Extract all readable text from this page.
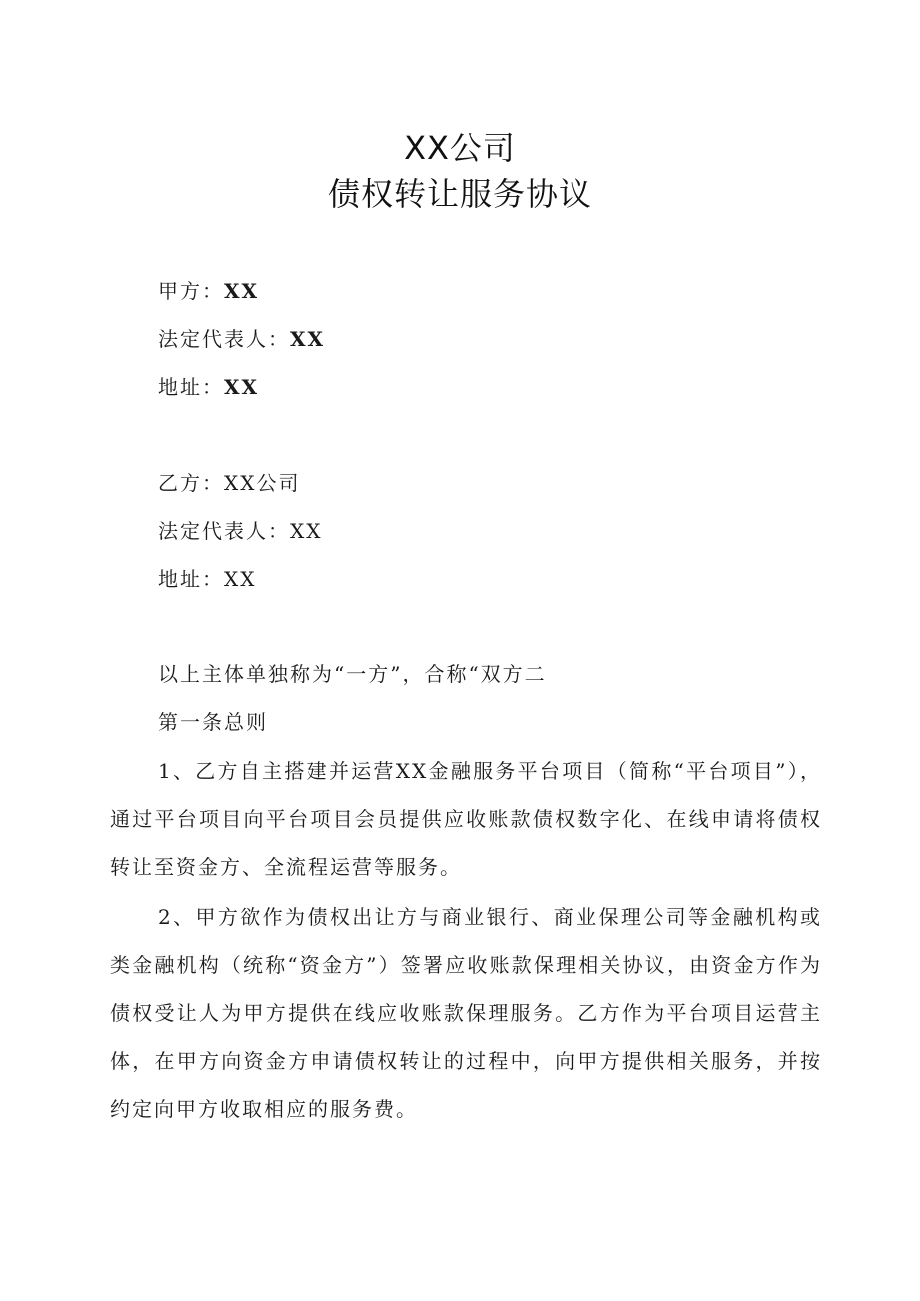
XX公司
债权转让服务协议
甲方：XX
法定代表人：XX
地址：XX
乙方：XX公司
法定代表人：XX
地址：XX
以上主体单独称为“一方”，合称“双方二
第一条总则
1、乙方自主搭建并运营XX金融服务平台项目（简称“平台项目”），通过平台项目向平台项目会员提供应收账款债权数字化、在线申请将债权转让至资金方、全流程运营等服务。
2、甲方欲作为债权出让方与商业银行、商业保理公司等金融机构或类金融机构（统称“资金方”）签署应收账款保理相关协议，由资金方作为债权受让人为甲方提供在线应收账款保理服务。乙方作为平台项目运营主体，在甲方向资金方申请债权转让的过程中，向甲方提供相关服务，并按约定向甲方收取相应的服务费。
